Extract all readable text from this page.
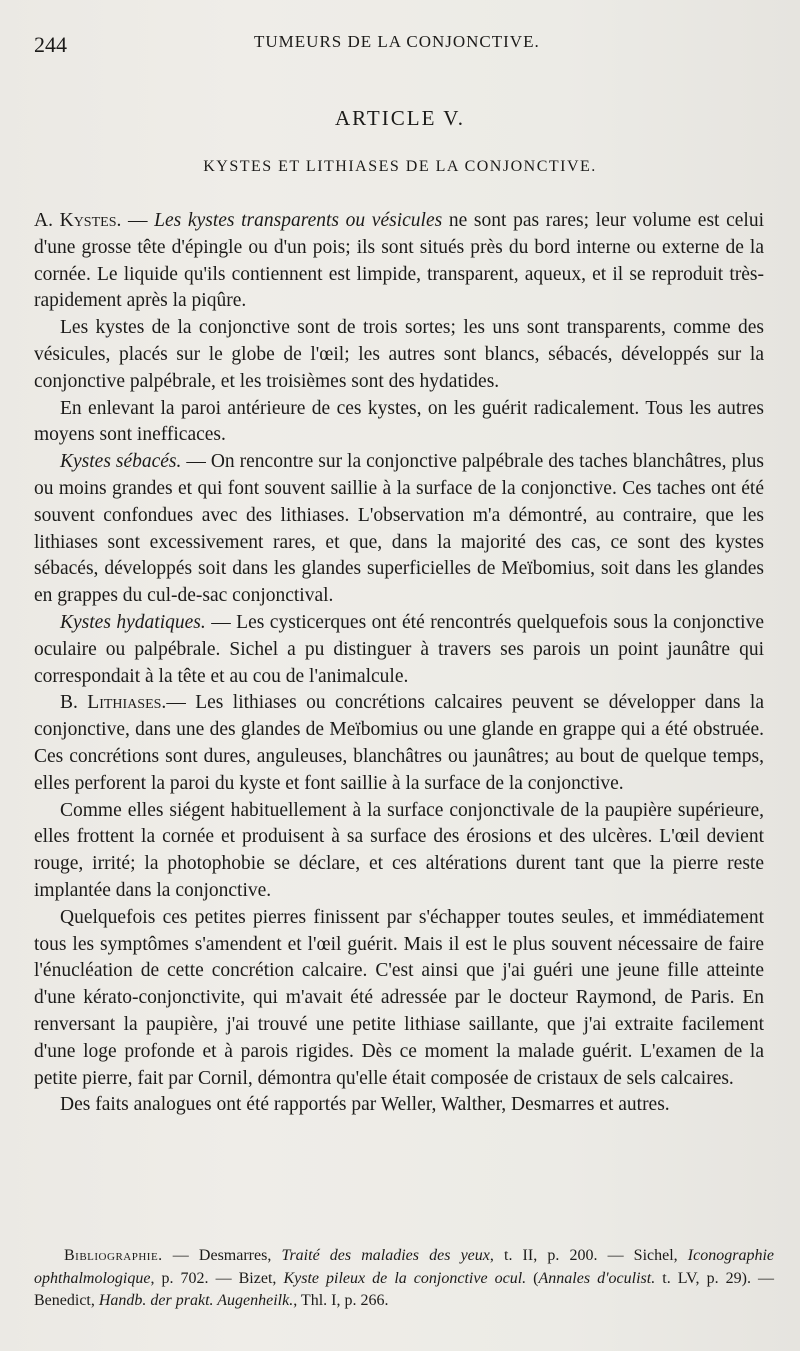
244	TUMEURS DE LA CONJONCTIVE.
ARTICLE V.
KYSTES ET LITHIASES DE LA CONJONCTIVE.

A. Kystes. — Les kystes transparents ou vésicules ne sont pas rares; leur volume est celui d'une grosse tête d'épingle ou d'un pois; ils sont situés près du bord interne ou externe de la cornée. Le liquide qu'ils contiennent est limpide, transparent, aqueux, et il se reproduit très-rapidement après la piqûre.

Les kystes de la conjonctive sont de trois sortes; les uns sont transparents, comme des vésicules, placés sur le globe de l'œil; les autres sont blancs, sébacés, développés sur la conjonctive palpébrale, et les troisièmes sont des hydatides.

En enlevant la paroi antérieure de ces kystes, on les guérit radicalement. Tous les autres moyens sont inefficaces.

Kystes sébacés. — On rencontre sur la conjonctive palpébrale des taches blanchâtres, plus ou moins grandes et qui font souvent saillie à la surface de la conjonctive. Ces taches ont été souvent confondues avec des lithiases. L'observation m'a démontré, au contraire, que les lithiases sont excessivement rares, et que, dans la majorité des cas, ce sont des kystes sébacés, développés soit dans les glandes superficielles de Meïbomius, soit dans les glandes en grappes du cul-de-sac conjonctival.

Kystes hydatiques. — Les cysticerques ont été rencontrés quelquefois sous la conjonctive oculaire ou palpébrale. Sichel a pu distinguer à travers ses parois un point jaunâtre qui correspondait à la tête et au cou de l'animalcule.

B. Lithiases.— Les lithiases ou concrétions calcaires peuvent se développer dans la conjonctive, dans une des glandes de Meïbomius ou une glande en grappe qui a été obstruée. Ces concrétions sont dures, anguleuses, blanchâtres ou jaunâtres; au bout de quelque temps, elles perforent la paroi du kyste et font saillie à la surface de la conjonctive.

Comme elles siégent habituellement à la surface conjonctivale de la paupière supérieure, elles frottent la cornée et produisent à sa surface des érosions et des ulcères. L'œil devient rouge, irrité; la photophobie se déclare, et ces altérations durent tant que la pierre reste implantée dans la conjonctive.

Quelquefois ces petites pierres finissent par s'échapper toutes seules, et immédiatement tous les symptômes s'amendent et l'œil guérit. Mais il est le plus souvent nécessaire de faire l'énucléation de cette concrétion calcaire. C'est ainsi que j'ai guéri une jeune fille atteinte d'une kérato-conjonctivite, qui m'avait été adressée par le docteur Raymond, de Paris. En renversant la paupière, j'ai trouvé une petite lithiase saillante, que j'ai extraite facilement d'une loge profonde et à parois rigides. Dès ce moment la malade guérit. L'examen de la petite pierre, fait par Cornil, démontra qu'elle était composée de cristaux de sels calcaires.

Des faits analogues ont été rapportés par Weller, Walther, Desmarres et autres.

Bibliographie. — Desmarres, Traité des maladies des yeux, t. II, p. 200. — Sichel, Iconographie ophthalmologique, p. 702. — Bizet, Kyste pileux de la conjonctive ocul. (Annales d'oculist. t. LV, p. 29). — Benedict, Handb. der prakt. Augenheilk., Thl. I, p. 266.
